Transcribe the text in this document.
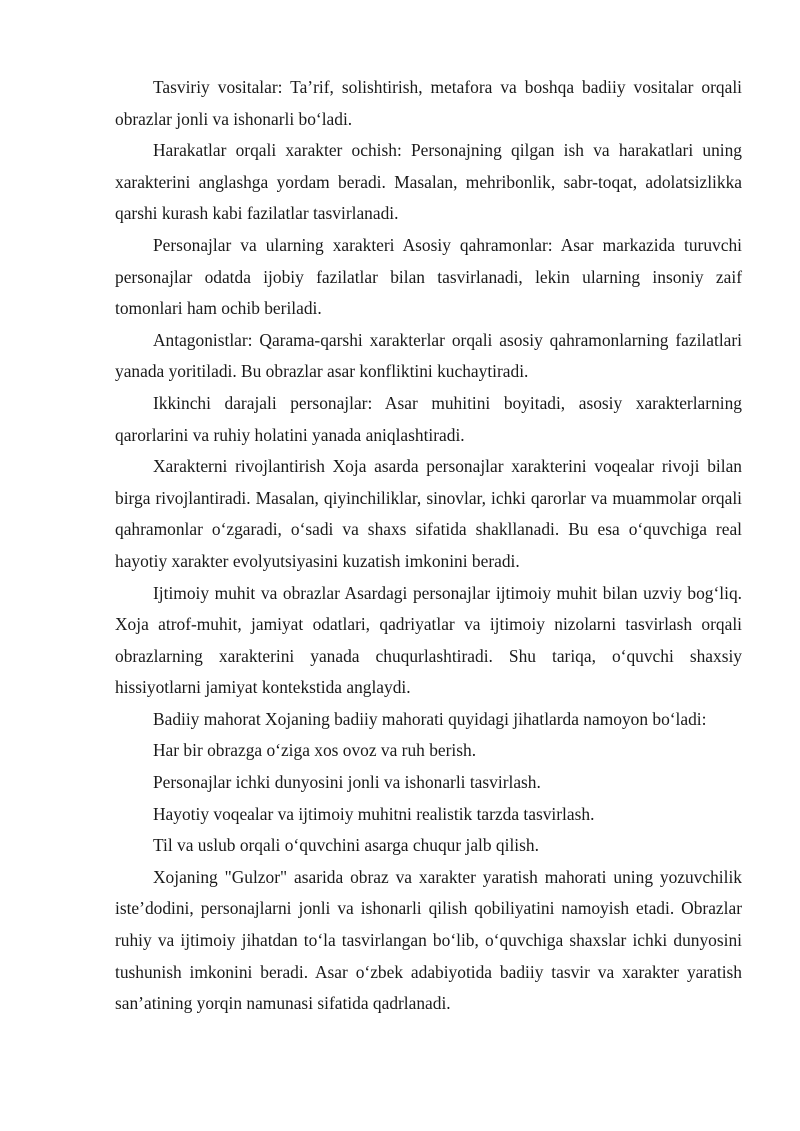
Tasviriy vositalar: Ta’rif, solishtirish, metafora va boshqa badiiy vositalar orqali obrazlar jonli va ishonarli bo‘ladi.

Harakatlar orqali xarakter ochish: Personajning qilgan ish va harakatlari uning xarakterini anglashga yordam beradi. Masalan, mehribonlik, sabr-toqat, adolatsizlikka qarshi kurash kabi fazilatlar tasvirlanadi.

Personajlar va ularning xarakteri Asosiy qahramonlar: Asar markazida turuvchi personajlar odatda ijobiy fazilatlar bilan tasvirlanadi, lekin ularning insoniy zaif tomonlari ham ochib beriladi.

Antagonistlar: Qarama-qarshi xarakterlar orqali asosiy qahramonlarning fazilatlari yanada yoritiladi. Bu obrazlar asar konfliktini kuchaytiradi.

Ikkinchi darajali personajlar: Asar muhitini boyitadi, asosiy xarakterlarning qarorlarini va ruhiy holatini yanada aniqlashtiradi.

Xarakterni rivojlantirish Xoja asarda personajlar xarakterini voqealar rivoji bilan birga rivojlantiradi. Masalan, qiyinchiliklar, sinovlar, ichki qarorlar va muammolar orqali qahramonlar o‘zgaradi, o‘sadi va shaxs sifatida shakllanadi. Bu esa o‘quvchiga real hayotiy xarakter evolyutsiyasini kuzatish imkonini beradi.

Ijtimoiy muhit va obrazlar Asardagi personajlar ijtimoiy muhit bilan uzviy bog‘liq. Xoja atrof-muhit, jamiyat odatlari, qadriyatlar va ijtimoiy nizolarni tasvirlash orqali obrazlarning xarakterini yanada chuqurlashtiradi. Shu tariqa, o‘quvchi shaxsiy hissiyotlarni jamiyat kontekstida anglaydi.

Badiiy mahorat Xojaning badiiy mahorati quyidagi jihatlarda namoyon bo‘ladi:

Har bir obrazga o‘ziga xos ovoz va ruh berish.

Personajlar ichki dunyosini jonli va ishonarli tasvirlash.

Hayotiy voqealar va ijtimoiy muhitni realistik tarzda tasvirlash.

Til va uslub orqali o‘quvchini asarga chuqur jalb qilish.

Xojaning "Gulzor" asarida obraz va xarakter yaratish mahorati uning yozuvchilik iste’dodini, personajlarni jonli va ishonarli qilish qobiliyatini namoyish etadi. Obrazlar ruhiy va ijtimoiy jihatdan to‘la tasvirlangan bo‘lib, o‘quvchiga shaxslar ichki dunyosini tushunish imkonini beradi. Asar o‘zbek adabiyotida badiiy tasvir va xarakter yaratish san’atining yorqin namunasi sifatida qadrlanadi.
